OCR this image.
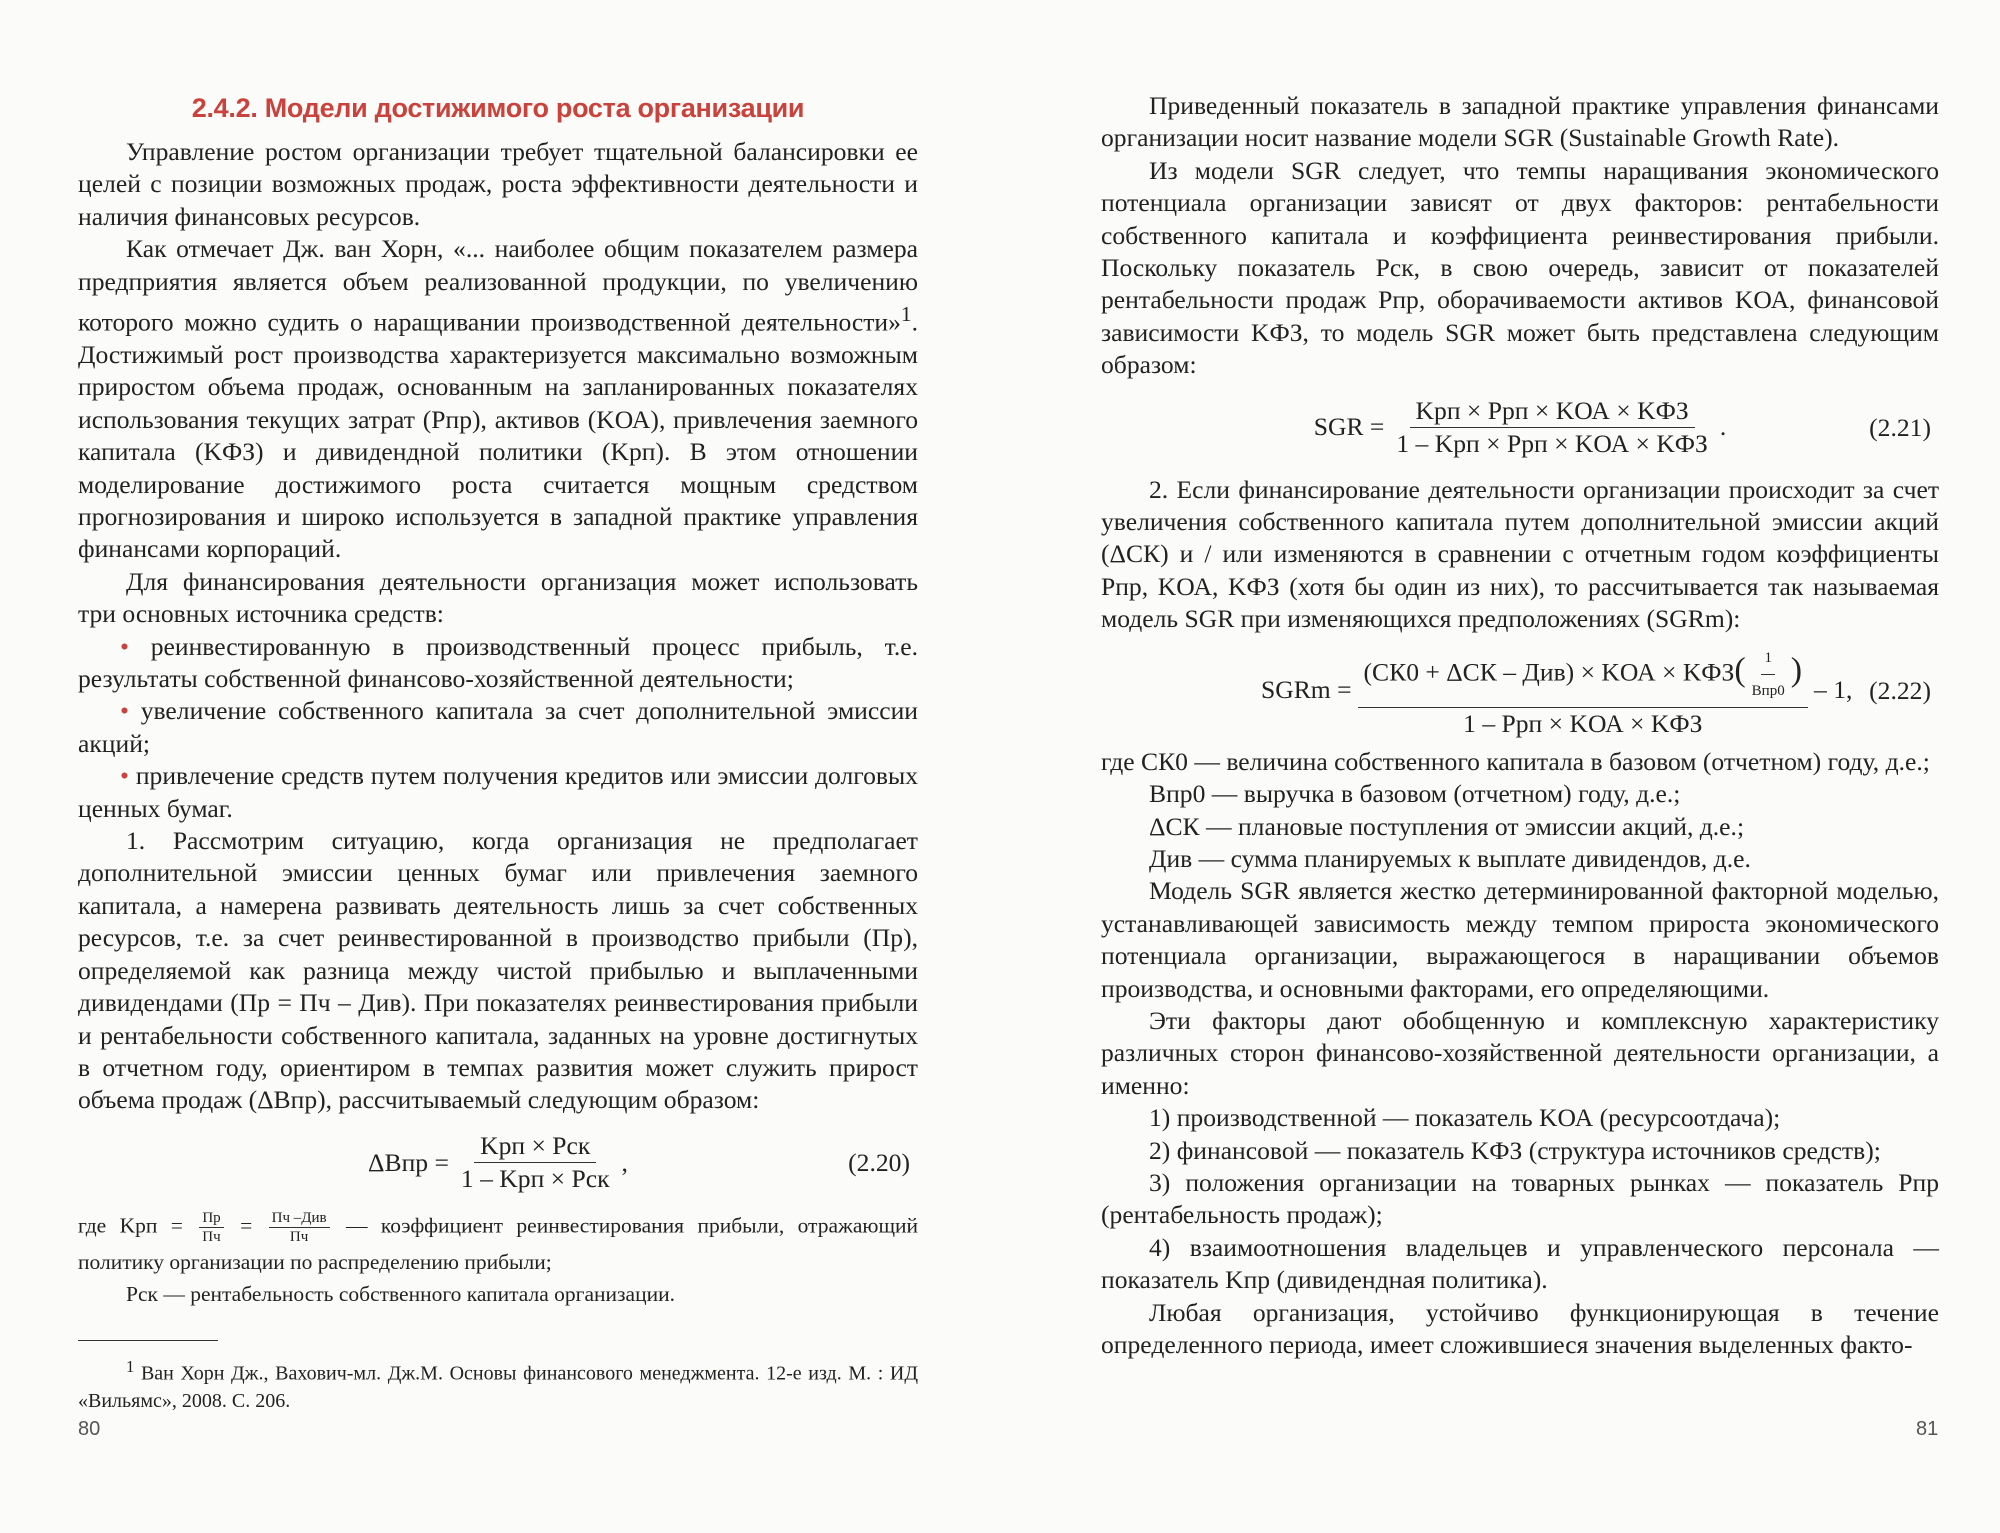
2.4.2. Модели достижимого роста организации

Управление ростом организации требует тщательной балансировки ее целей с позиции возможных продаж, роста эффективности деятельности и наличия финансовых ресурсов.

Как отмечает Дж. ван Хорн, «... наиболее общим показателем размера предприятия является объем реализованной продукции, по увеличению которого можно судить о наращивании производственной деятельности»$^1$. Достижимый рост производства характеризуется максимально возможным приростом объема продаж, основанным на запланированных показателях использования текущих затрат (Pпр), активов (KОА), привлечения заемного капитала (KФЗ) и дивидендной политики (Kрп). В этом отношении моделирование достижимого роста считается мощным средством прогнозирования и широко используется в западной практике управления финансами корпораций.

Для финансирования деятельности организация может использовать три основных источника средств:

• реинвестированную в производственный процесс прибыль, т.е. результаты собственной финансово-хозяйственной деятельности;

• увеличение собственного капитала за счет дополнительной эмиссии акций;

• привлечение средств путем получения кредитов или эмиссии долговых ценных бумаг.

1. Рассмотрим ситуацию, когда организация не предполагает дополнительной эмиссии ценных бумаг или привлечения заемного капитала, а намерена развивать деятельность лишь за счет собственных ресурсов, т.е. за счет реинвестированной в производство прибыли (Пр), определяемой как разница между чистой прибылью и выплаченными дивидендами (Пр = Пч – Див). При показателях реинвестирования прибыли и рентабельности собственного капитала, заданных на уровне достигнутых в отчетном году, ориентиром в темпах развития может служить прирост объема продаж (ΔBпр), рассчитываемый следующим образом:

$\Delta Bпр = \frac{\text{Kрп × Pск}}{\text{1 – Kрп × Pск}}$ ,	(2.20)

где Kрп = $\frac{Пр}{Пч} = \frac{\text{Пч –Див}}{Пч}$ — коэффициент реинвестирования прибыли, отражающий политику организации по распределению прибыли;

Pск — рентабельность собственного капитала организации.

$^1$ Ван Хорн Дж., Вахович-мл. Дж.М. Основы финансового менеджмента. 12-е изд. М. : ИД «Вильямс», 2008. С. 206.

80

Приведенный показатель в западной практике управления финансами организации носит название модели SGR (Sustainable Growth Rate).

Из модели SGR следует, что темпы наращивания экономического потенциала организации зависят от двух факторов: рентабельности собственного капитала и коэффициента реинвестирования прибыли. Поскольку показатель Pск, в свою очередь, зависит от показателей рентабельности продаж Pпр, оборачиваемости активов KОА, финансовой зависимости KФЗ, то модель SGR может быть представлена следующим образом:

SGR = $\frac{\text{Kрп × Pрп × KОА × KФЗ}}{\text{1 – Kрп × Pрп × KОА × KФЗ}}$ .	(2.21)

2. Если финансирование деятельности организации происходит за счет увеличения собственного капитала путем дополнительной эмиссии акций (ΔСК) и / или изменяются в сравнении с отчетным годом коэффициенты Pпр, KОА, KФЗ (хотя бы один из них), то рассчитывается так называемая модель SGR при изменяющихся предположениях (SGRm):

SGRm = $\frac{(СК0 + \Delta СК - Див) \times KОА \times KФЗ( \frac{1}{\text{Bпр0}} )}{\text{1 – Pрп × KОА × KФЗ}} - 1$, (2.22)

где СК0 — величина собственного капитала в базовом (отчетном) году, д.е.;

Bпр0 — выручка в базовом (отчетном) году, д.е.;

ΔСК — плановые поступления от эмиссии акций, д.е.;

Див — сумма планируемых к выплате дивидендов, д.е.

Модель SGR является жестко детерминированной факторной моделью, устанавливающей зависимость между темпом прироста экономического потенциала организации, выражающегося в наращивании объемов производства, и основными факторами, его определяющими.

Эти факторы дают обобщенную и комплексную характеристику различных сторон финансово-хозяйственной деятельности организации, а именно:

1) производственной — показатель KОА (ресурсоотдача);

2) финансовой — показатель KФЗ (структура источников средств);

3) положения организации на товарных рынках — показатель Pпр (рентабельность продаж);

4) взаимоотношения владельцев и управленческого персонала — показатель Kпр (дивидендная политика).

Любая организация, устойчиво функционирующая в течение определенного периода, имеет сложившиеся значения выделенных факто-

81
